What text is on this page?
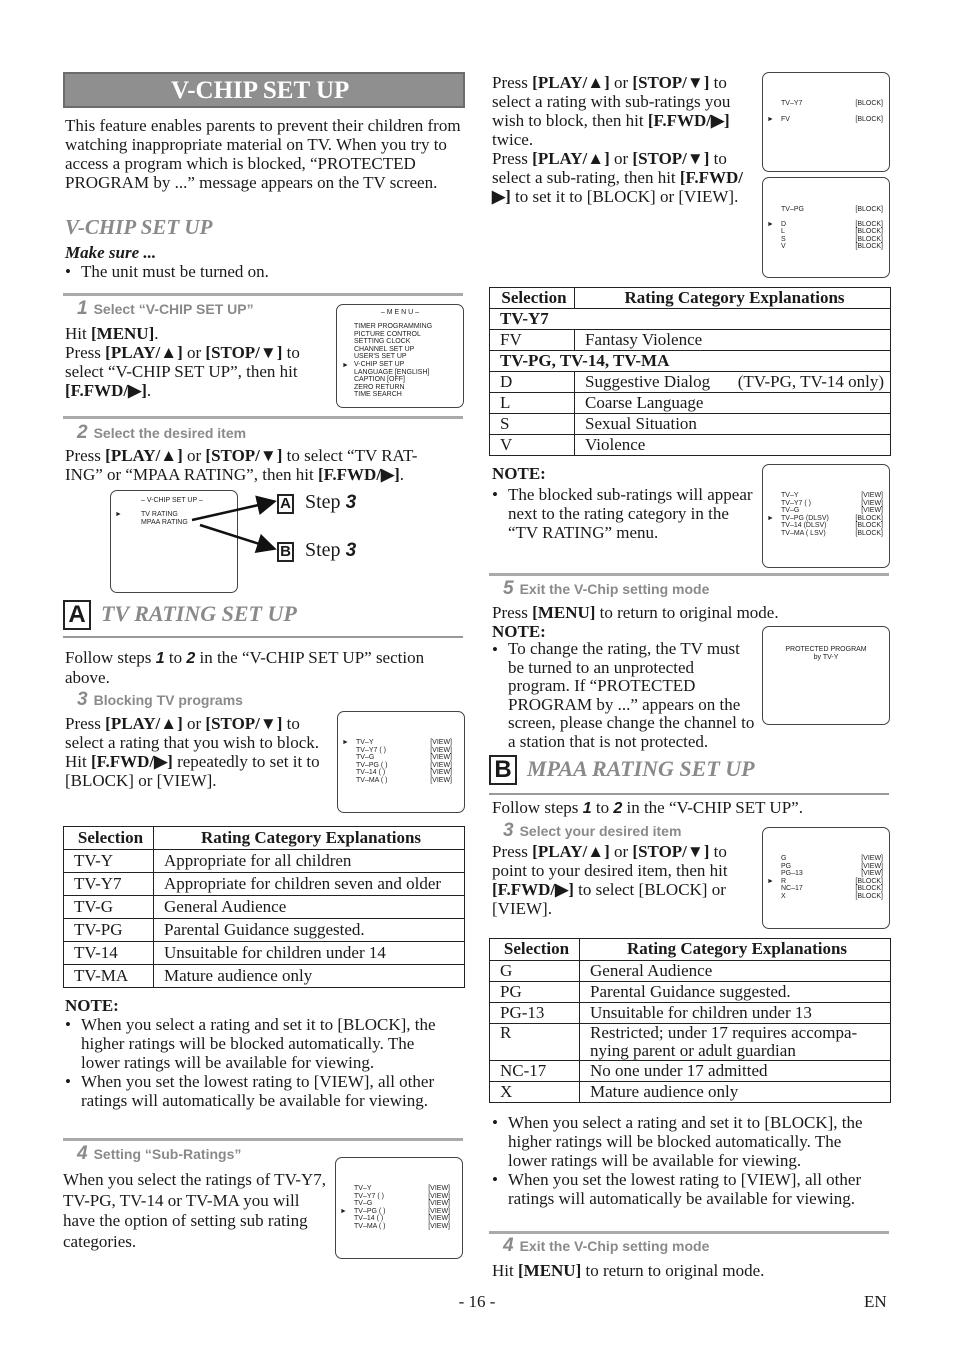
V-CHIP SET UP
This feature enables parents to prevent their children from watching inappropriate material on TV. When you try to access a program which is blocked, “PROTECTED PROGRAM by ...” message appears on the TV screen.
V-CHIP SET UP
Make sure ...
• The unit must be turned on.
1 Select “V-CHIP SET UP”
Hit [MENU].
Press [PLAY/▲] or [STOP/▼] to select “V-CHIP SET UP”, then hit [F.FWD/▶].
– M E N U –
TIMER PROGRAMMING
PICTURE CONTROL
SETTING CLOCK
CHANNEL SET UP
USER'S SET UP
V-CHIP SET UP
LANGUAGE [ENGLISH]
CAPTION [OFF]
ZERO RETURN
TIME SEARCH
►
2 Select the desired item
Press [PLAY/▲] or [STOP/▼] to select “TV RAT-ING” or “MPAA RATING”, then hit [F.FWD/▶].
– V-CHIP SET UP –
TV RATING
MPAA RATING
►
A Step 3
B Step 3
A TV RATING SET UP
Follow steps 1 to 2 in the “V-CHIP SET UP” section above.
3 Blocking TV programs
Press [PLAY/▲] or [STOP/▼] to select a rating that you wish to block.
Hit [F.FWD/▶] repeatedly to set it to [BLOCK] or [VIEW].
TV–Y	[VIEW]
TV–Y7 ( )	[VIEW]
TV–G	[VIEW]
TV–PG ( )	[VIEW]
TV–14 ( )	[VIEW]
TV–MA ( )	[VIEW]
►
Selection	Rating Category Explanations
TV-Y	Appropriate for all children
TV-Y7	Appropriate for children seven and older
TV-G	General Audience
TV-PG	Parental Guidance suggested.
TV-14	Unsuitable for children under 14
TV-MA	Mature audience only
NOTE:
• When you select a rating and set it to [BLOCK], the higher ratings will be blocked automatically. The lower ratings will be available for viewing.
• When you set the lowest rating to [VIEW], all other ratings will automatically be available for viewing.
4 Setting “Sub-Ratings”
When you select the ratings of TV-Y7, TV-PG, TV-14 or TV-MA you will have the option of setting sub rating categories.
TV–Y	[VIEW]
TV–Y7 ( )	[VIEW]
TV–G	[VIEW]
TV–PG ( )	[VIEW]
TV–14 ( )	[VIEW]
TV–MA ( )	[VIEW]
►
Press [PLAY/▲] or [STOP/▼] to select a rating with sub-ratings you wish to block, then hit [F.FWD/▶] twice.
Press [PLAY/▲] or [STOP/▼] to select a sub-rating, then hit [F.FWD/▶] to set it to [BLOCK] or [VIEW].
TV–Y7	[BLOCK]
FV	[BLOCK]
►
TV–PG	[BLOCK]
D	[BLOCK]
L	[BLOCK]
S	[BLOCK]
V	[BLOCK]
►
Selection	Rating Category Explanations
TV-Y7	
FV	Fantasy Violence
TV-PG, TV-14, TV-MA	
D	Suggestive Dialog (TV-PG, TV-14 only)

L	Coarse Language
S	Sexual Situation
V	Violence
NOTE:
• The blocked sub-ratings will appear next to the rating category in the “TV RATING” menu.
TV–Y	[VIEW]
TV–Y7 ( )	[VIEW]
TV–G	[VIEW]
TV–PG (DLSV)	[BLOCK]
TV–14 (DLSV)	[BLOCK]
TV–MA ( LSV)	[BLOCK]
►
5 Exit the V-Chip setting mode
Press [MENU] to return to original mode.
NOTE:
• To change the rating, the TV must be turned to an unprotected program. If “PROTECTED PROGRAM by ...” appears on the screen, please change the channel to a station that is not protected.
PROTECTED PROGRAM
by TV-Y
B MPAA RATING SET UP
Follow steps 1 to 2 in the “V-CHIP SET UP”.
3 Select your desired item
Press [PLAY/▲] or [STOP/▼] to point to your desired item, then hit [F.FWD/▶] to select [BLOCK] or [VIEW].
G	[VIEW]
PG	[VIEW]
PG–13	[VIEW]
R	[BLOCK]
NC–17	[BLOCK]
X	[BLOCK]
►
Selection	Rating Category Explanations
G	General Audience
PG	Parental Guidance suggested.
PG-13	Unsuitable for children under 13
R	Restricted; under 17 requires accompa-nying parent or adult guardian
NC-17	No one under 17 admitted
X	Mature audience only
• When you select a rating and set it to [BLOCK], the higher ratings will be blocked automatically. The lower ratings will be available for viewing.
• When you set the lowest rating to [VIEW], all other ratings will automatically be available for viewing.
4 Exit the V-Chip setting mode
Hit [MENU] to return to original mode.
- 16 -	EN
